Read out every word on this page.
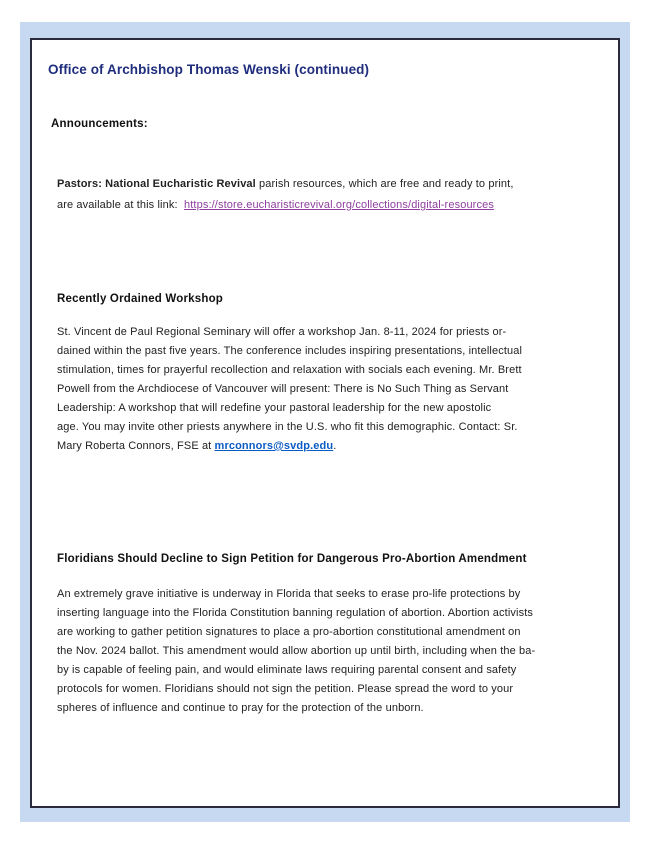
Office of Archbishop Thomas Wenski (continued)
Announcements:
Pastors: National Eucharistic Revival parish resources, which are free and ready to print,
are available at this link:  https://store.eucharisticrevival.org/collections/digital-resources
Recently Ordained Workshop
St. Vincent de Paul Regional Seminary will offer a workshop Jan. 8-11, 2024 for priests or-
dained within the past five years. The conference includes inspiring presentations, intellectual
stimulation, times for prayerful recollection and relaxation with socials each evening. Mr. Brett
Powell from the Archdiocese of Vancouver will present: There is No Such Thing as Servant
Leadership: A workshop that will redefine your pastoral leadership for the new apostolic
age. You may invite other priests anywhere in the U.S. who fit this demographic. Contact: Sr.
Mary Roberta Connors, FSE at mrconnors@svdp.edu.
Floridians Should Decline to Sign Petition for Dangerous Pro-Abortion Amendment
An extremely grave initiative is underway in Florida that seeks to erase pro-life protections by
inserting language into the Florida Constitution banning regulation of abortion. Abortion activists
are working to gather petition signatures to place a pro-abortion constitutional amendment on
the Nov. 2024 ballot. This amendment would allow abortion up until birth, including when the ba-
by is capable of feeling pain, and would eliminate laws requiring parental consent and safety
protocols for women. Floridians should not sign the petition. Please spread the word to your
spheres of influence and continue to pray for the protection of the unborn.
